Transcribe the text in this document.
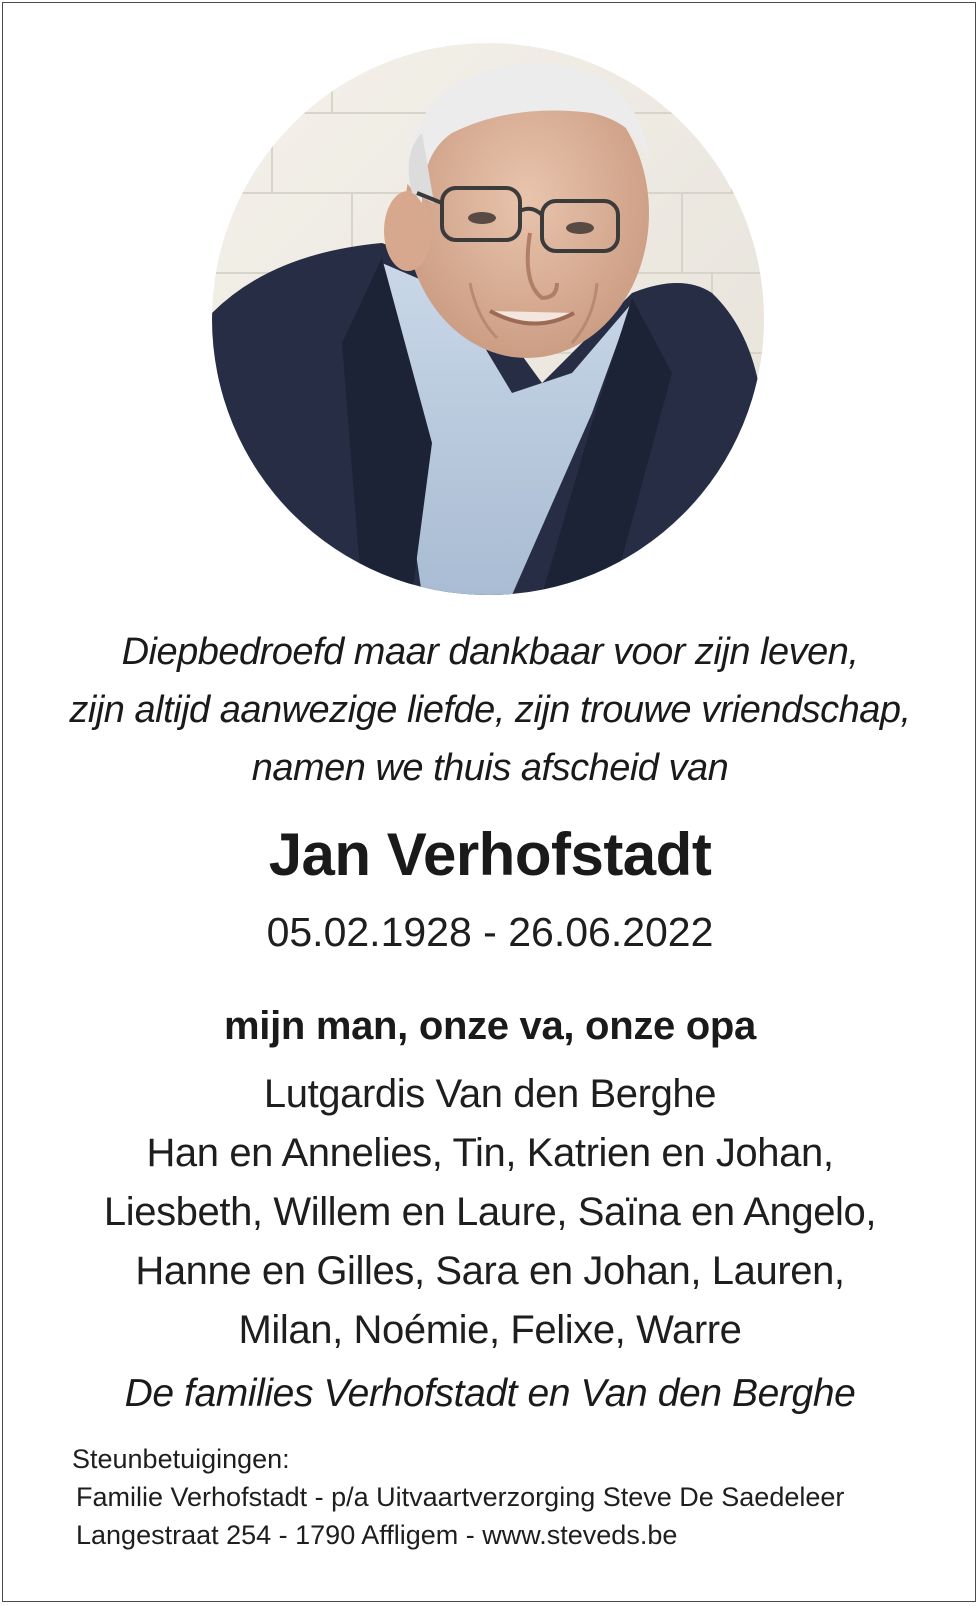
Diepbedroefd maar dankbaar voor zijn leven,
zijn altijd aanwezige liefde, zijn trouwe vriendschap,
namen we thuis afscheid van
Jan Verhofstadt
05.02.1928 - 26.06.2022
mijn man, onze va, onze opa
Lutgardis Van den Berghe
Han en Annelies, Tin, Katrien en Johan,
Liesbeth, Willem en Laure, Saïna en Angelo,
Hanne en Gilles, Sara en Johan, Lauren,
Milan, Noémie, Felixe, Warre
De families Verhofstadt en Van den Berghe
Steunbetuigingen:
Familie Verhofstadt - p/a Uitvaartverzorging Steve De Saedeleer
Langestraat 254 - 1790 Affligem - www.steveds.be
